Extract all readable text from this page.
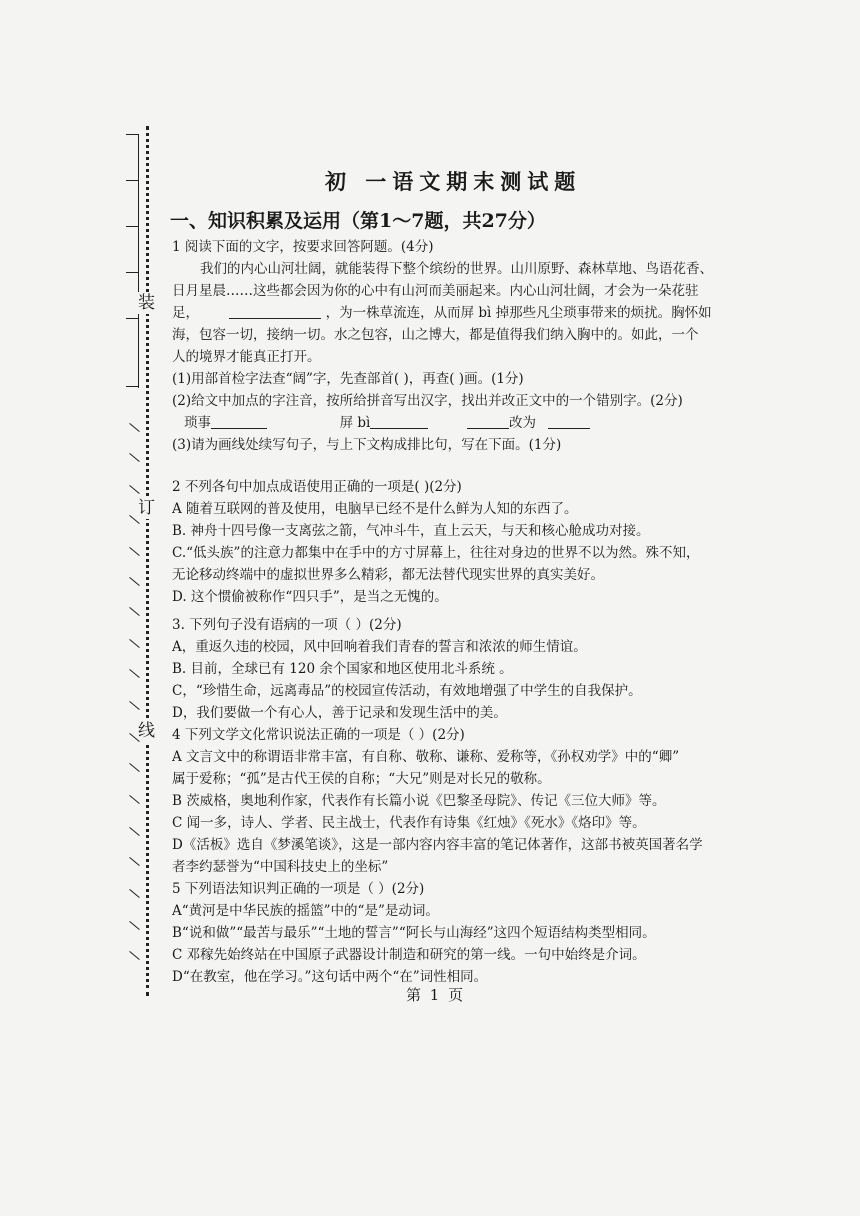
装
订
线
初 一语文期末测试题
一、知识积累及运用（第1～7题，共27分）
1 阅读下面的文字，按要求回答阿题。(4分)
我们的内心山河壮阔，就能装得下整个缤纷的世界。山川原野、森林草地、鸟语花香、
日月星晨……这些都会因为你的心中有山河而美丽起来。内心山河壮阔，才会为一朵花驻
足，	，为一株草流连，从而屏 bì 掉那些凡尘琐事带来的烦扰。胸怀如
海，包容一切，接纳一切。水之包容，山之博大，都是值得我们纳入胸中的。如此，一个
人的境界才能真正打开。
(1)用部首检字法查“阔”字，先查部首( )，再查( )画。(1分)
(2)给文中加点的字注音，按所给拼音写出汉字，找出并改正文中的一个错别字。(2分)
琐事	屏 bì	改为
(3)请为画线处续写句子，与上下文构成排比句，写在下面。(1分)
2 不列各句中加点成语使用正确的一项是( )(2分)
A 随着互联网的普及使用，电脑早已经不是什么鲜为人知的东西了。
B. 神舟十四号像一支离弦之箭，气冲斗牛，直上云天，与天和核心舱成功对接。
C.“低头族”的注意力都集中在手中的方寸屏幕上，往往对身边的世界不以为然。殊不知，
无论移动终端中的虚拟世界多么精彩，都无法替代现实世界的真实美好。
D. 这个惯偷被称作“四只手”，是当之无愧的。
3. 下列句子没有语病的一项（ ）(2分)
A，重返久违的校园，风中回响着我们青春的誓言和浓浓的师生情谊。
B. 目前，全球已有 120 余个国家和地区使用北斗系统 。
C，“珍惜生命，远离毒品”的校园宣传活动，有效地增强了中学生的自我保护。
D，我们要做一个有心人，善于记录和发现生活中的美。
4 下列文学文化常识说法正确的一项是（ ）(2分)
A 文言文中的称谓语非常丰富，有自称、敬称、谦称、爱称等，《孙权劝学》中的“卿”
属于爱称；“孤”是古代王侯的自称；“大兄”则是对长兄的敬称。
B 茨威格，奥地利作家，代表作有长篇小说《巴黎圣母院》、传记《三位大师》等。
C 闻一多，诗人、学者、民主战士，代表作有诗集《红烛》《死水》《烙印》等。
D《活板》选自《梦溪笔谈》，这是一部内容内容丰富的笔记体著作，这部书被英国著名学
者李约瑟誉为“中国科技史上的坐标”
5 下列语法知识判正确的一项是（ ）(2分)
A“黄河是中华民族的摇篮”中的“是”是动词。
B“说和做”“最苦与最乐”“土地的誓言”“阿长与山海经”这四个短语结构类型相同。
C 邓稼先始终站在中国原子武器设计制造和研究的第一线。一句中始终是介词。
D“在教室，他在学习。”这句话中两个“在”词性相同。
第 1 页
